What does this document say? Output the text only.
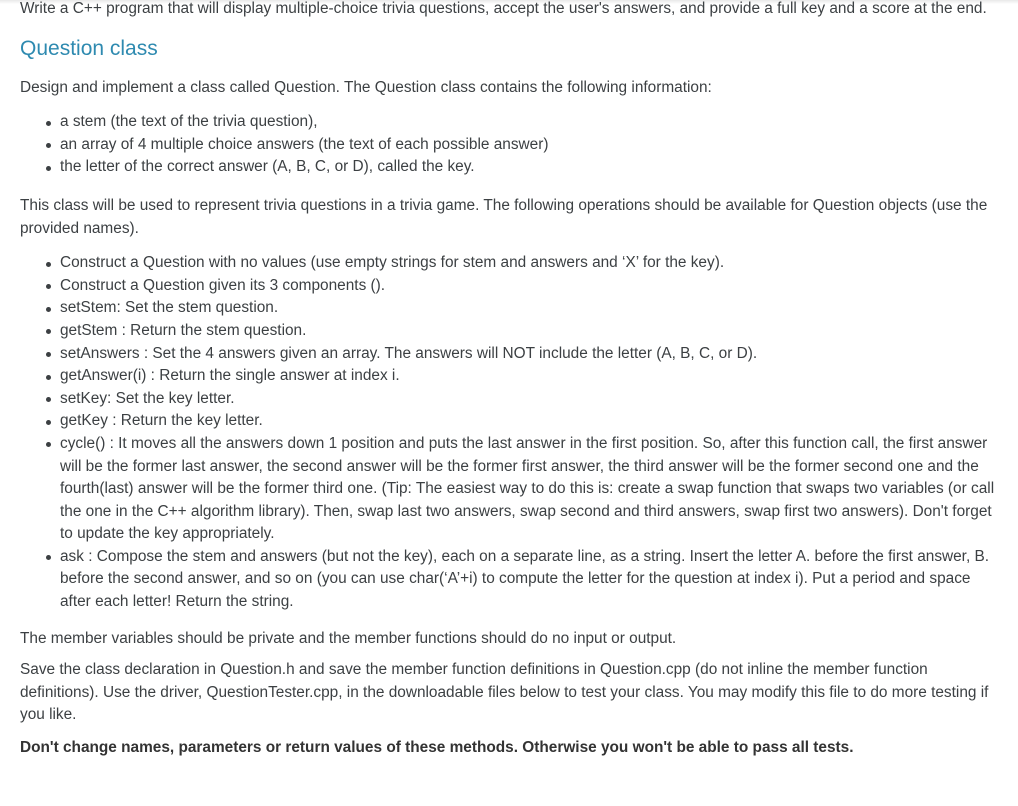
Write a C++ program that will display multiple-choice trivia questions, accept the user's answers, and provide a full key and a score at the end.

Question class

Design and implement a class called Question. The Question class contains the following information:

a stem (the text of the trivia question),
an array of 4 multiple choice answers (the text of each possible answer)
the letter of the correct answer (A, B, C, or D), called the key.

This class will be used to represent trivia questions in a trivia game. The following operations should be available for Question objects (use the provided names).

Construct a Question with no values (use empty strings for stem and answers and ‘X’ for the key).
Construct a Question given its 3 components ().
setStem: Set the stem question.
getStem : Return the stem question.
setAnswers : Set the 4 answers given an array. The answers will NOT include the letter (A, B, C, or D).
getAnswer(i) : Return the single answer at index i.
setKey: Set the key letter.
getKey : Return the key letter.
cycle() : It moves all the answers down 1 position and puts the last answer in the first position. So, after this function call, the first answer will be the former last answer, the second answer will be the former first answer, the third answer will be the former second one and the fourth(last) answer will be the former third one. (Tip: The easiest way to do this is: create a swap function that swaps two variables (or call the one in the C++ algorithm library). Then, swap last two answers, swap second and third answers, swap first two answers). Don't forget to update the key appropriately.
ask : Compose the stem and answers (but not the key), each on a separate line, as a string. Insert the letter A. before the first answer, B. before the second answer, and so on (you can use char(‘A’+i) to compute the letter for the question at index i). Put a period and space after each letter! Return the string.

The member variables should be private and the member functions should do no input or output.

Save the class declaration in Question.h and save the member function definitions in Question.cpp (do not inline the member function definitions). Use the driver, QuestionTester.cpp, in the downloadable files below to test your class. You may modify this file to do more testing if you like.

Don't change names, parameters or return values of these methods. Otherwise you won't be able to pass all tests.
